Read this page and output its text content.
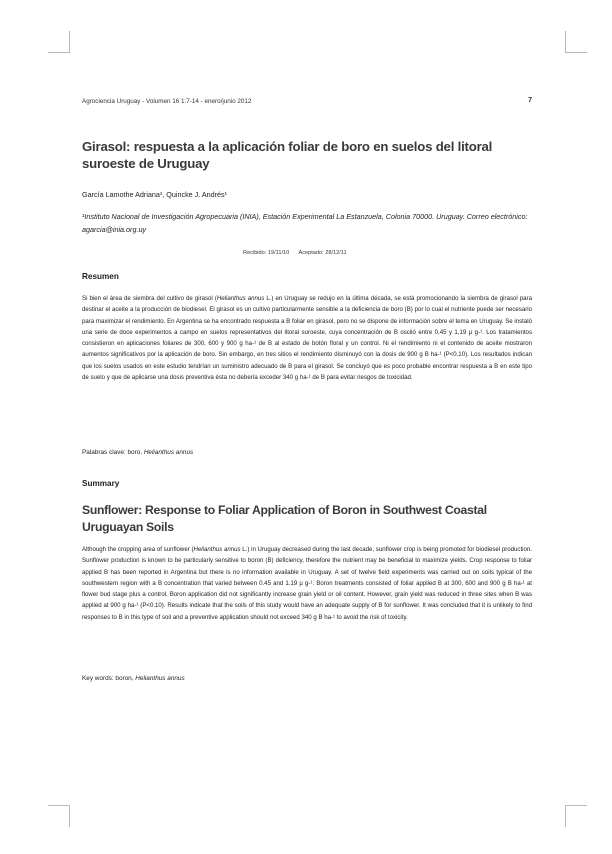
Agrociencia Uruguay - Volumen 16 1:7-14 - enero/junio 2012	7
Girasol: respuesta a la aplicación foliar de boro en suelos del litoral suroeste de Uruguay
García Lamothe Adriana¹, Quincke J. Andrés¹
¹Instituto Nacional de Investigación Agropecuaria (INIA), Estación Experimental La Estanzuela, Colonia 70000. Uruguay. Correo electrónico: agarcia@inia.org.uy
Recibido: 19/11/10 Aceptado: 28/12/11
Resumen
Si bien el área de siembra del cultivo de girasol (Helianthus annus L.) en Uruguay se redujo en la última década, se está promocionando la siembra de girasol para destinar el aceite a la producción de biodiesel. El girasol es un cultivo particularmente sensible a la deficiencia de boro (B) por lo cual el nutriente puede ser necesario para maximizar el rendimiento. En Argentina se ha encontrado respuesta a B foliar en girasol, pero no se dispone de información sobre el tema en Uruguay. Se instaló una serie de doce experimentos a campo en suelos representativos del litoral suroeste, cuya concentración de B osciló entre 0,45 y 1,19 µ g-¹. Los tratamientos consistieron en aplicaciones foliares de 300, 600 y 900 g ha-¹ de B al estado de botón floral y un control. Ni el rendimiento ni el contenido de aceite mostraron aumentos significativos por la aplicación de boro. Sin embargo, en tres sitios el rendimiento disminuyó con la dosis de 900 g B ha-¹ (P<0,10). Los resultados indican que los suelos usados en este estudio tendrían un suministro adecuado de B para el girasol. Se concluyó que es poco probable encontrar respuesta a B en este tipo de suelo y que de aplicarse una dosis preventiva ésta no debería exceder 340 g ha-¹ de B para evitar riesgos de toxicidad.
Palabras clave: boro, Helianthus annus
Summary
Sunflower: Response to Foliar Application of Boron in Southwest Coastal Uruguayan Soils
Although the cropping area of sunflower (Helianthus annus L.) in Uruguay decreased during the last decade, sunflower crop is being promoted for biodiesel production. Sunflower production is known to be particularly sensitive to boron (B) deficiency, therefore the nutrient may be beneficial to maximize yields. Crop response to foliar applied B has been reported in Argentina but there is no information available in Uruguay. A set of twelve field experiments was carried out on soils typical of the southwestern region with a B concentration that varied between 0.45 and 1.19 µ g-¹. Boron treatments consisted of foliar applied B at 300, 600 and 900 g B ha-¹ at flower bud stage plus a control. Boron application did not significantly increase grain yield or oil content. However, grain yield was reduced in three sites when B was applied at 900 g ha-¹ (P<0.10). Results indicate that the soils of this study would have an adequate supply of B for sunflower. It was concluded that it is unlikely to find responses to B in this type of soil and a preventive application should not exceed 340 g B ha-¹ to avoid the risk of toxicity.
Key words: boron, Helianthus annus
